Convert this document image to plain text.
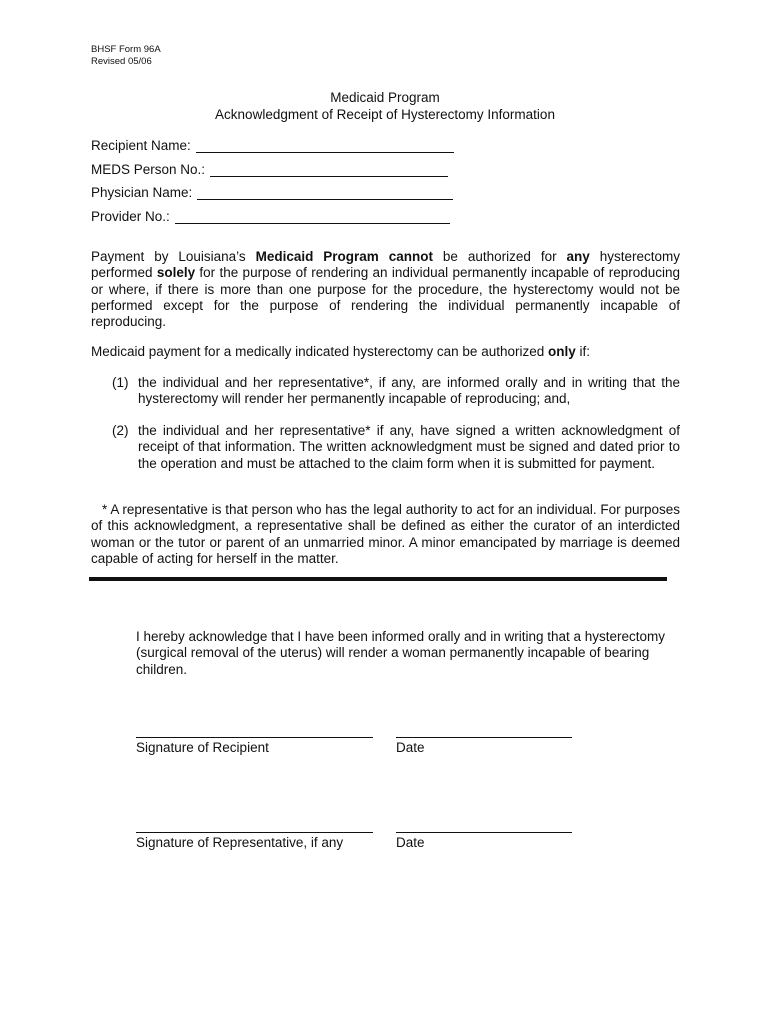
BHSF Form 96A
Revised 05/06
Medicaid Program
Acknowledgment of Receipt of Hysterectomy Information
Recipient Name:
MEDS Person No.:
Physician Name:
Provider No.:

Payment by Louisiana’s Medicaid Program cannot be authorized for any hysterectomy performed solely for the purpose of rendering an individual permanently incapable of reproducing or where, if there is more than one purpose for the procedure, the hysterectomy would not be performed except for the purpose of rendering the individual permanently incapable of reproducing.

Medicaid payment for a medically indicated hysterectomy can be authorized only if:

(1) the individual and her representative*, if any, are informed orally and in writing that the hysterectomy will render her permanently incapable of reproducing; and,
(2) the individual and her representative* if any, have signed a written acknowledgment of receipt of that information. The written acknowledgment must be signed and dated prior to the operation and must be attached to the claim form when it is submitted for payment.

* A representative is that person who has the legal authority to act for an individual. For purposes of this acknowledgment, a representative shall be defined as either the curator of an interdicted woman or the tutor or parent of an unmarried minor. A minor emancipated by marriage is deemed capable of acting for herself in the matter.

I hereby acknowledge that I have been informed orally and in writing that a hysterectomy (surgical removal of the uterus) will render a woman permanently incapable of bearing children.

Signature of Recipient	Date
Signature of Representative, if any	Date
